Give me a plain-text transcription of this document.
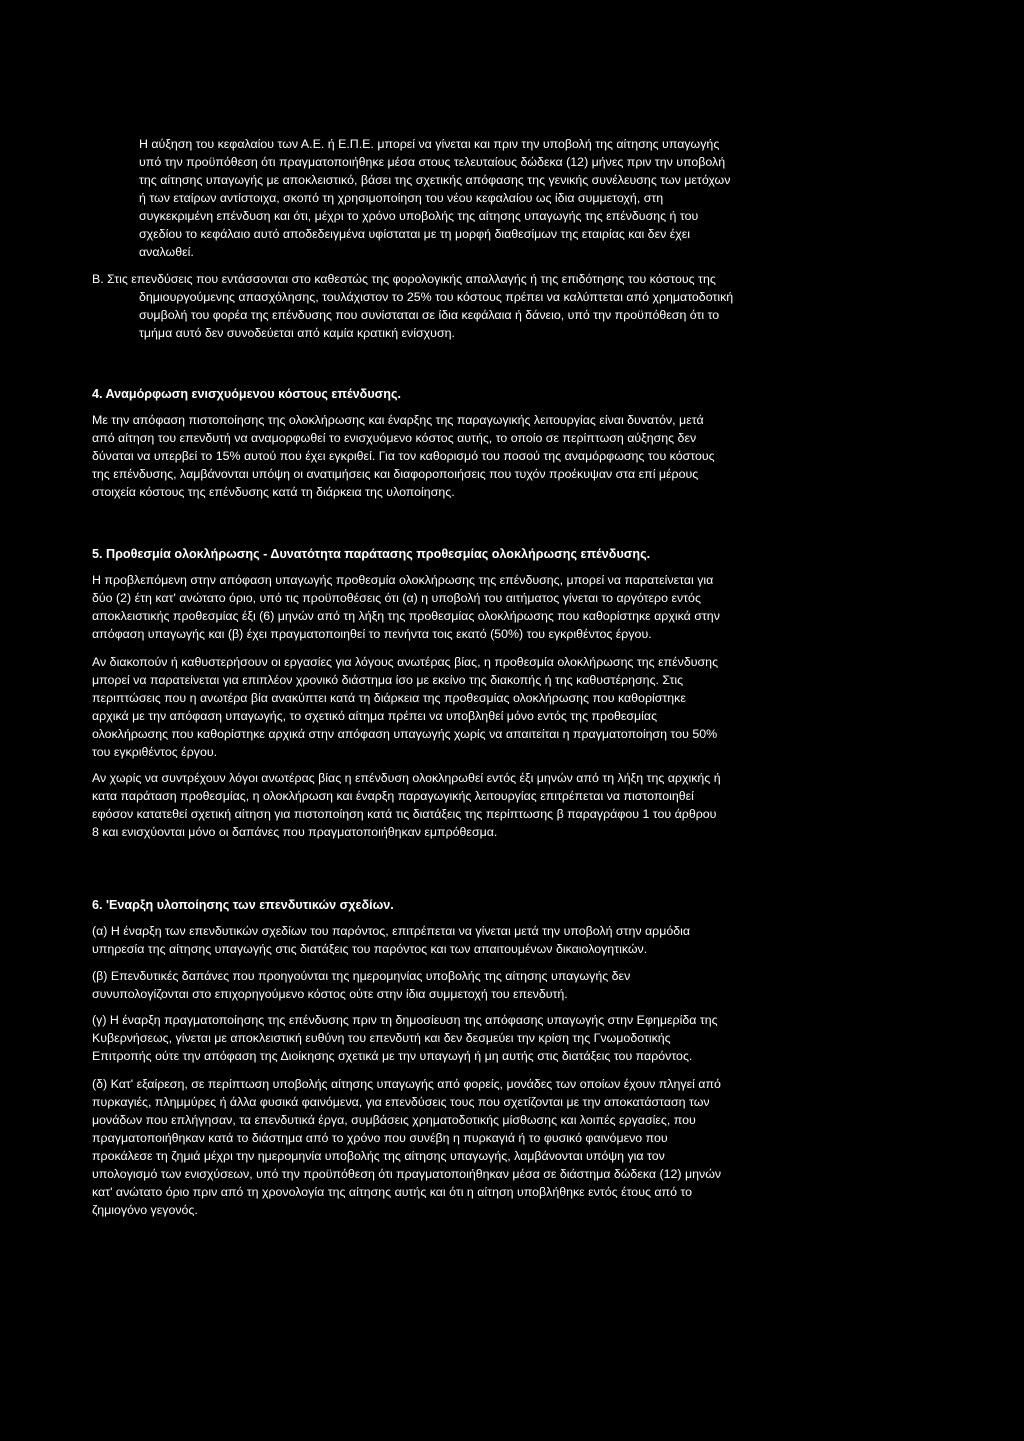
Η αύξηση του κεφαλαίου των Α.Ε. ή Ε.Π.Ε. μπορεί να γίνεται και πριν την υποβολή της αίτησης υπαγωγής
υπό την προϋπόθεση ότι πραγματοποιήθηκε μέσα στους τελευταίους δώδεκα (12) μήνες πριν την υποβολή
της αίτησης υπαγωγής με αποκλειστικό, βάσει της σχετικής απόφασης της γενικής συνέλευσης των μετόχων
ή των εταίρων αντίστοιχα, σκοπό τη χρησιμοποίηση του νέου κεφαλαίου ως ίδια συμμετοχή, στη
συγκεκριμένη επένδυση και ότι, μέχρι το χρόνο υποβολής της αίτησης υπαγωγής της επένδυσης ή του
σχεδίου το κεφάλαιο αυτό αποδεδειγμένα υφίσταται με τη μορφή διαθεσίμων της εταιρίας και δεν έχει
αναλωθεί.
Β. Στις επενδύσεις που εντάσσονται στο καθεστώς της φορολογικής απαλλαγής ή της επιδότησης του κόστους της
δημιουργούμενης απασχόλησης, τουλάχιστον το 25% του κόστους πρέπει να καλύπτεται από χρηματοδοτική
συμβολή του φορέα της επένδυσης που συνίσταται σε ίδια κεφάλαια ή δάνειο, υπό την προϋπόθεση ότι το
τμήμα αυτό δεν συνοδεύεται από καμία κρατική ενίσχυση.
4. Αναμόρφωση ενισχυόμενου κόστους επένδυσης.
Με την απόφαση πιστοποίησης της ολοκλήρωσης και έναρξης της παραγωγικής λειτουργίας είναι δυνατόν, μετά
από αίτηση του επενδυτή να αναμορφωθεί το ενισχυόμενο κόστος αυτής, το οποίο σε περίπτωση αύξησης δεν
δύναται να υπερβεί το 15% αυτού που έχει εγκριθεί. Για τον καθορισμό του ποσού της αναμόρφωσης του κόστους
της επένδυσης, λαμβάνονται υπόψη οι ανατιμήσεις και διαφοροποιήσεις που τυχόν προέκυψαν στα επί μέρους
στοιχεία κόστους της επένδυσης κατά τη διάρκεια της υλοποίησης.
5. Προθεσμία ολοκλήρωσης - Δυνατότητα παράτασης προθεσμίας ολοκλήρωσης επένδυσης.
Η προβλεπόμενη στην απόφαση υπαγωγής προθεσμία ολοκλήρωσης της επένδυσης, μπορεί να παρατείνεται για
δύο (2) έτη κατ' ανώτατο όριο, υπό τις προϋποθέσεις ότι (α) η υποβολή του αιτήματος γίνεται το αργότερο εντός
αποκλειστικής προθεσμίας έξι (6) μηνών από τη λήξη της προθεσμίας ολοκλήρωσης που καθορίστηκε αρχικά στην
απόφαση υπαγωγής και (β) έχει πραγματοποιηθεί το πενήντα τοις εκατό (50%) του εγκριθέντος έργου.
Αν διακοπούν ή καθυστερήσουν οι εργασίες για λόγους ανωτέρας βίας, η προθεσμία ολοκλήρωσης της επένδυσης
μπορεί να παρατείνεται για επιπλέον χρονικό διάστημα ίσο με εκείνο της διακοπής ή της καθυστέρησης. Στις
περιπτώσεις που η ανωτέρα βία ανακύπτει κατά τη διάρκεια της προθεσμίας ολοκλήρωσης που καθορίστηκε
αρχικά με την απόφαση υπαγωγής, το σχετικό αίτημα πρέπει να υποβληθεί μόνο εντός της προθεσμίας
ολοκλήρωσης που καθορίστηκε αρχικά στην απόφαση υπαγωγής χωρίς να απαιτείται η πραγματοποίηση του 50%
του εγκριθέντος έργου.
Αν χωρίς να συντρέχουν λόγοι ανωτέρας βίας η επένδυση ολοκληρωθεί εντός έξι μηνών από τη λήξη της αρχικής ή
κατα παράταση προθεσμίας, η ολοκλήρωση και έναρξη παραγωγικής λειτουργίας επιτρέπεται να πιστοποιηθεί
εφόσον κατατεθεί σχετική αίτηση για πιστοποίηση κατά τις διατάξεις της περίπτωσης β παραγράφου 1 του άρθρου
8 και ενισχύονται μόνο οι δαπάνες που πραγματοποιήθηκαν εμπρόθεσμα.
6. 'Εναρξη υλοποίησης των επενδυτικών σχεδίων.
(α) Η έναρξη των επενδυτικών σχεδίων του παρόντος, επιτρέπεται να γίνεται μετά την υποβολή στην αρμόδια
υπηρεσία της αίτησης υπαγωγής στις διατάξεις του παρόντος και των απαιτουμένων δικαιολογητικών.
(β) Επενδυτικές δαπάνες που προηγούνται της ημερομηνίας υποβολής της αίτησης υπαγωγής δεν
συνυπολογίζονται στο επιχορηγούμενο κόστος ούτε στην ίδια συμμετοχή του επενδυτή.
(γ) Η έναρξη πραγματοποίησης της επένδυσης πριν τη δημοσίευση της απόφασης υπαγωγής στην Εφημερίδα της
Κυβερνήσεως, γίνεται με αποκλειστική ευθύνη του επενδυτή και δεν δεσμεύει την κρίση της Γνωμοδοτικής
Επιτροπής ούτε την απόφαση της Διοίκησης σχετικά με την υπαγωγή ή μη αυτής στις διατάξεις του παρόντος.
(δ) Κατ' εξαίρεση, σε περίπτωση υποβολής αίτησης υπαγωγής από φορείς, μονάδες των οποίων έχουν πληγεί από
πυρκαγιές, πλημμύρες ή άλλα φυσικά φαινόμενα, για επενδύσεις τους που σχετίζονται με την αποκατάσταση των
μονάδων που επλήγησαν, τα επενδυτικά έργα, συμβάσεις χρηματοδοτικής μίσθωσης και λοιπές εργασίες, που
πραγματοποιήθηκαν κατά το διάστημα από το χρόνο που συνέβη η πυρκαγιά ή το φυσικό φαινόμενο που
προκάλεσε τη ζημιά μέχρι την ημερομηνία υποβολής της αίτησης υπαγωγής, λαμβάνονται υπόψη για τον
υπολογισμό των ενισχύσεων, υπό την προϋπόθεση ότι πραγματοποιήθηκαν μέσα σε διάστημα δώδεκα (12) μηνών
κατ' ανώτατο όριο πριν από τη χρονολογία της αίτησης αυτής και ότι η αίτηση υποβλήθηκε εντός έτους από το
ζημιογόνο γεγονός.
